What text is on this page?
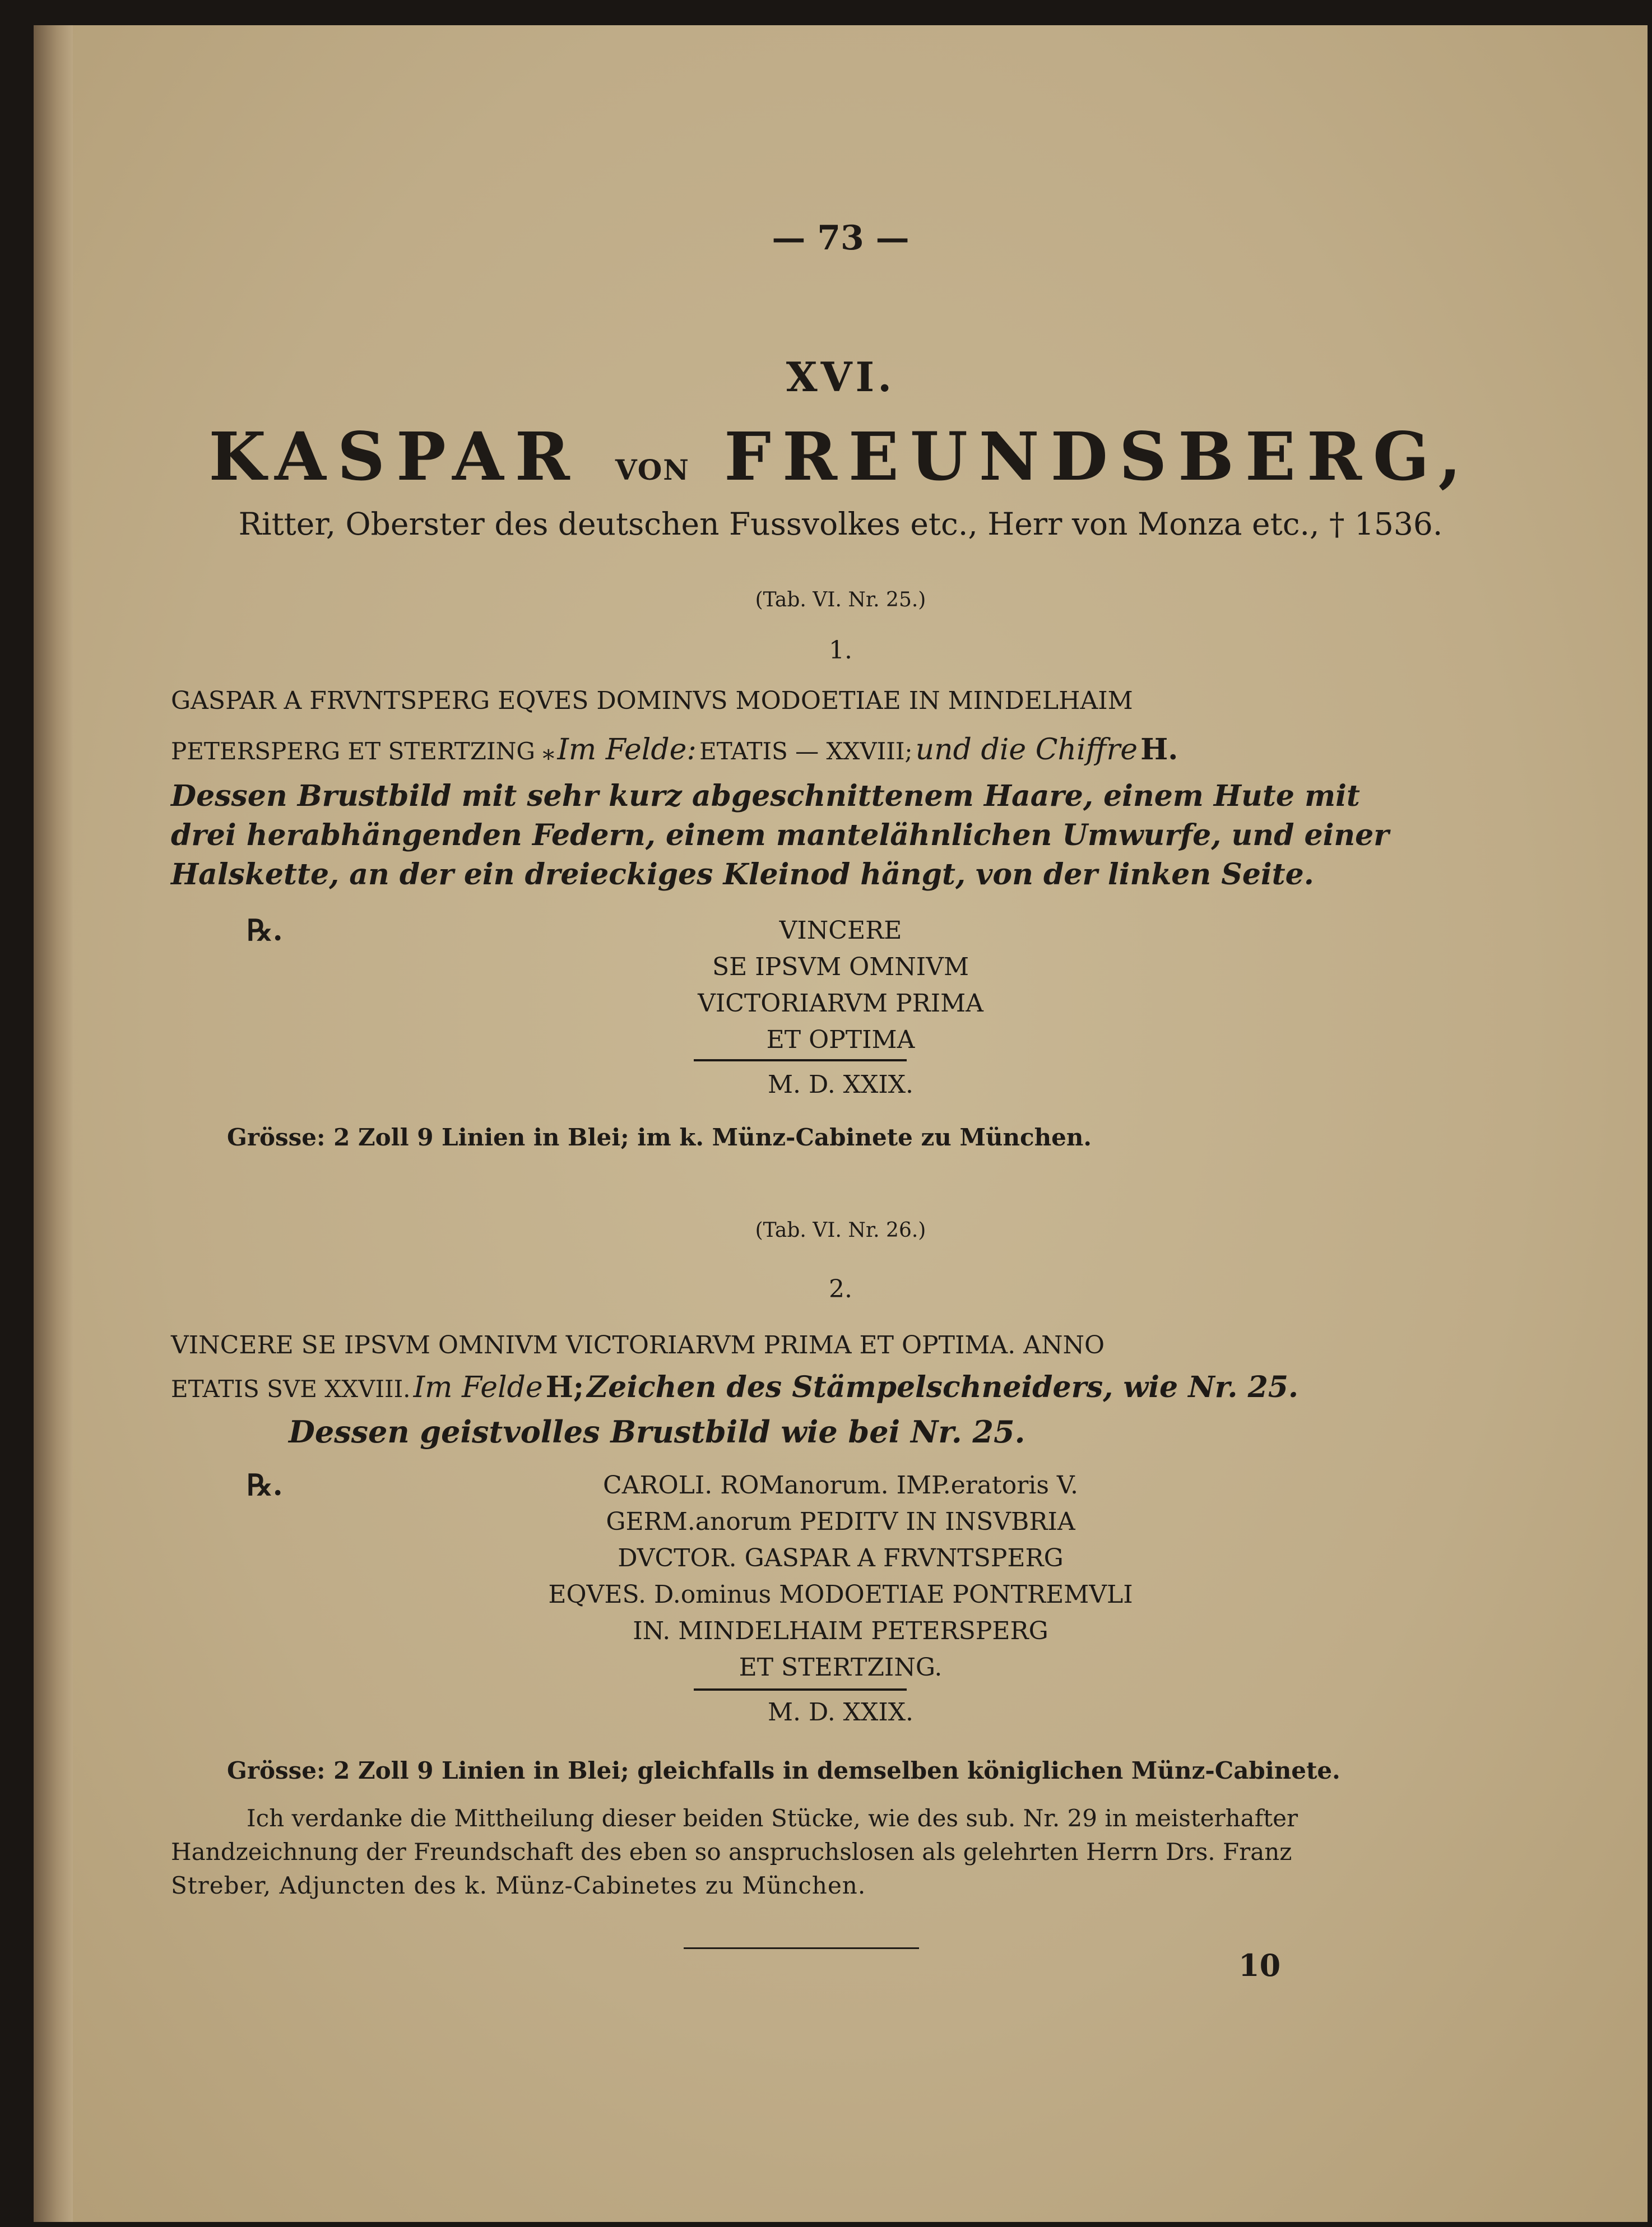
— 73 —
XVI.
KASPAR VON FREUNDSBERG,
Ritter, Oberster des deutschen Fussvolkes etc., Herr von Monza etc., † 1536.
(Tab. VI. Nr. 25.)
1.
GASPAR A FRVNTSPERG EQVES DOMINVS MODOETIAE IN MINDELHAIM
PETERSPERG ET STERTZING ⁎ Im Felde: ETATIS — XXVIII; und die Chiffre H.
Dessen Brustbild mit sehr kurz abgeschnittenem Haare, einem Hute mit
drei herabhängenden Federn, einem mantelähnlichen Umwurfe, und einer
Halskette, an der ein dreieckiges Kleinod hängt, von der linken Seite.
℞.	VINCERE
SE IPSVM OMNIVM
VICTORIARVM PRIMA
ET OPTIMA
M. D. XXIX.
Grösse: 2 Zoll 9 Linien in Blei; im k. Münz-Cabinete zu München.
(Tab. VI. Nr. 26.)
2.
VINCERE SE IPSVM OMNIVM VICTORIARVM PRIMA ET OPTIMA. ANNO
ETATIS SVE XXVIII. Im Felde H; Zeichen des Stämpelschneiders, wie Nr. 25.
Dessen geistvolles Brustbild wie bei Nr. 25.
℞.	CAROLI. ROManorum. IMP.eratoris V.
GERM.anorum PEDITV IN INSVBRIA
DVCTOR. GASPAR A FRVNTSPERG
EQVES. D.ominus MODOETIAE PONTREMVLI
IN. MINDELHAIM PETERSPERG
ET STERTZING.
M. D. XXIX.
Grösse: 2 Zoll 9 Linien in Blei; gleichfalls in demselben königlichen Münz-Cabinete.
Ich verdanke die Mittheilung dieser beiden Stücke, wie des sub. Nr. 29 in meisterhafter
Handzeichnung der Freundschaft des eben so anspruchslosen als gelehrten Herrn Drs. Franz
Streber, Adjuncten des k. Münz-Cabinetes zu München.
10
